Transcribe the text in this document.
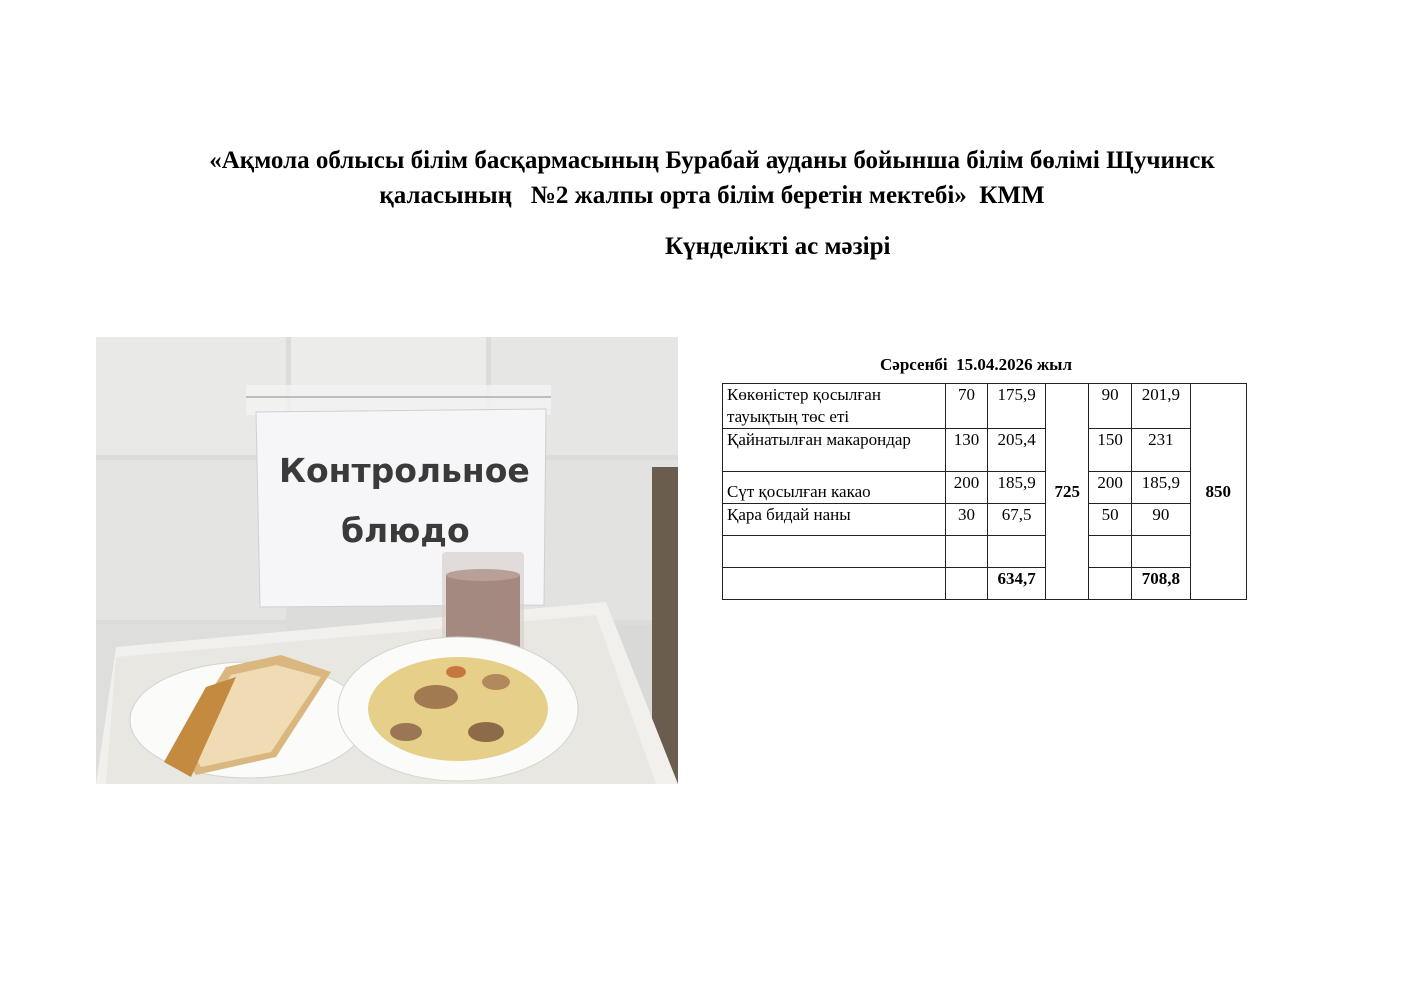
«Ақмола облысы білім басқармасының Бурабай ауданы бойынша білім бөлімі Щучинск
қаласының   №2 жалпы орта білім беретін мектебі»  КММ
Күнделікті ас мәзірі
Контрольное
блюдо
Сәрсенбі  15.04.2026 жыл
Көкөністер қосылған тауықтың төс еті	70	175,9	725	90	201,9	850
Қайнатылған макарондар	130	205,4		150	231	
Сүт қосылған какао	200	185,9		200	185,9	
Қара бидай наны	30	67,5		50	90	

		634,7			708,8	
